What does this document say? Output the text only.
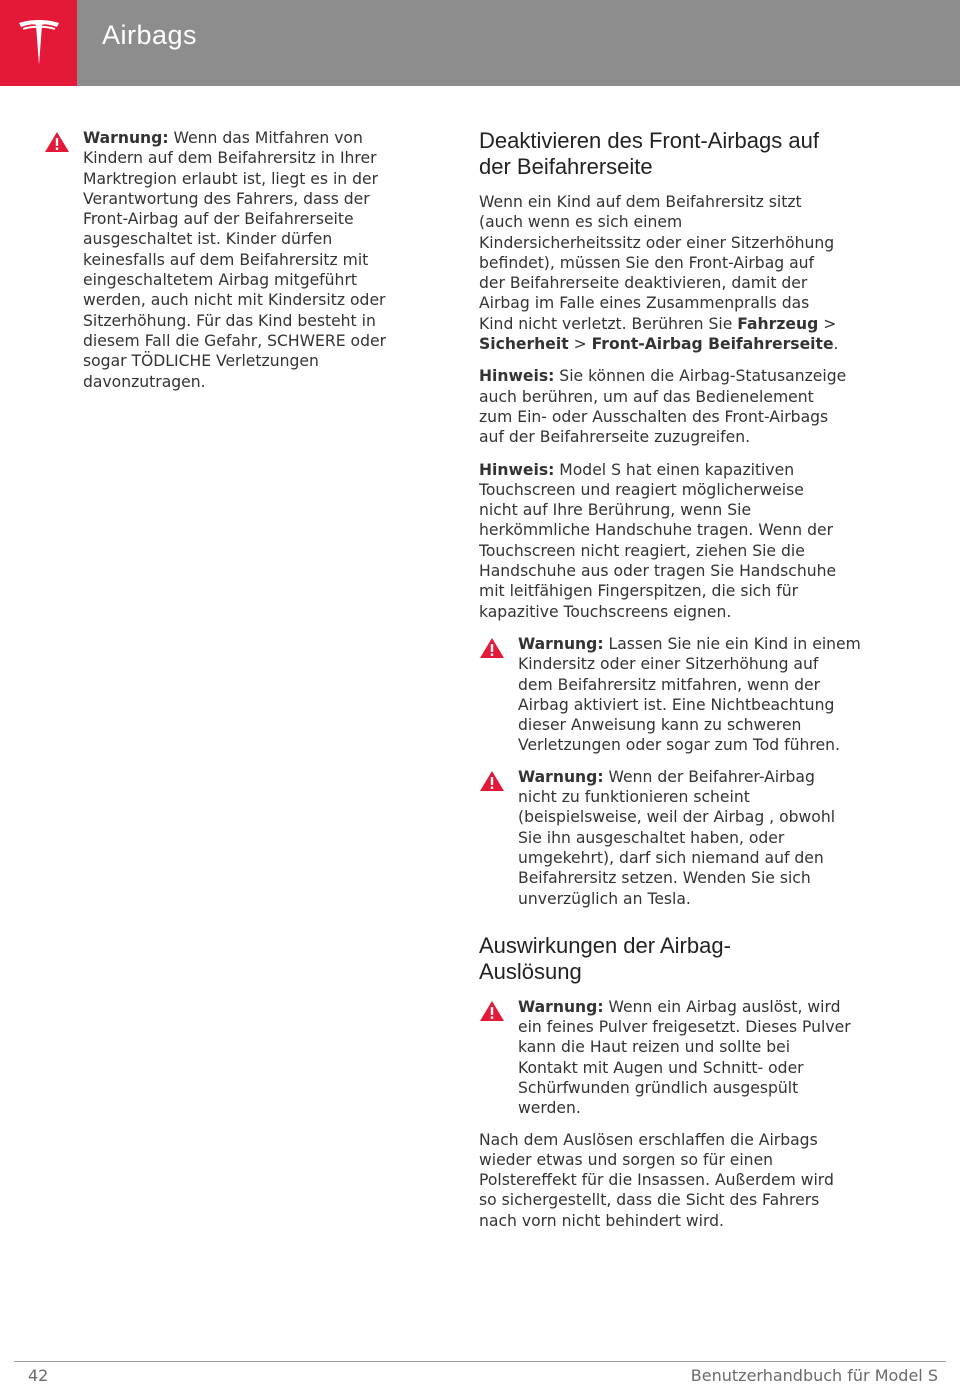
Airbags
Warnung: Wenn das Mitfahren von
Kindern auf dem Beifahrersitz in Ihrer
Marktregion erlaubt ist, liegt es in der
Verantwortung des Fahrers, dass der
Front-Airbag auf der Beifahrerseite
ausgeschaltet ist. Kinder dürfen
keinesfalls auf dem Beifahrersitz mit
eingeschaltetem Airbag mitgeführt
werden, auch nicht mit Kindersitz oder
Sitzerhöhung. Für das Kind besteht in
diesem Fall die Gefahr, SCHWERE oder
sogar TÖDLICHE Verletzungen
davonzutragen.
Deaktivieren des Front-Airbags auf
der Beifahrerseite

Wenn ein Kind auf dem Beifahrersitz sitzt
(auch wenn es sich einem
Kindersicherheitssitz oder einer Sitzerhöhung
befindet), müssen Sie den Front-Airbag auf
der Beifahrerseite deaktivieren, damit der
Airbag im Falle eines Zusammenpralls das
Kind nicht verletzt. Berühren Sie Fahrzeug >
Sicherheit > Front-Airbag Beifahrerseite.

Hinweis: Sie können die Airbag-Statusanzeige
auch berühren, um auf das Bedienelement
zum Ein- oder Ausschalten des Front-Airbags
auf der Beifahrerseite zuzugreifen.

Hinweis: Model S hat einen kapazitiven
Touchscreen und reagiert möglicherweise
nicht auf Ihre Berührung, wenn Sie
herkömmliche Handschuhe tragen. Wenn der
Touchscreen nicht reagiert, ziehen Sie die
Handschuhe aus oder tragen Sie Handschuhe
mit leitfähigen Fingerspitzen, die sich für
kapazitive Touchscreens eignen.

Warnung: Lassen Sie nie ein Kind in einem
Kindersitz oder einer Sitzerhöhung auf
dem Beifahrersitz mitfahren, wenn der
Airbag aktiviert ist. Eine Nichtbeachtung
dieser Anweisung kann zu schweren
Verletzungen oder sogar zum Tod führen.
Warnung: Wenn der Beifahrer-Airbag
nicht zu funktionieren scheint
(beispielsweise, weil der Airbag , obwohl
Sie ihn ausgeschaltet haben, oder
umgekehrt), darf sich niemand auf den
Beifahrersitz setzen. Wenden Sie sich
unverzüglich an Tesla.
Auswirkungen der Airbag-
Auslösung
Warnung: Wenn ein Airbag auslöst, wird
ein feines Pulver freigesetzt. Dieses Pulver
kann die Haut reizen und sollte bei
Kontakt mit Augen und Schnitt- oder
Schürfwunden gründlich ausgespült
werden.

Nach dem Auslösen erschlaffen die Airbags
wieder etwas und sorgen so für einen
Polstereffekt für die Insassen. Außerdem wird
so sichergestellt, dass die Sicht des Fahrers
nach vorn nicht behindert wird.

42	Benutzerhandbuch für Model S
